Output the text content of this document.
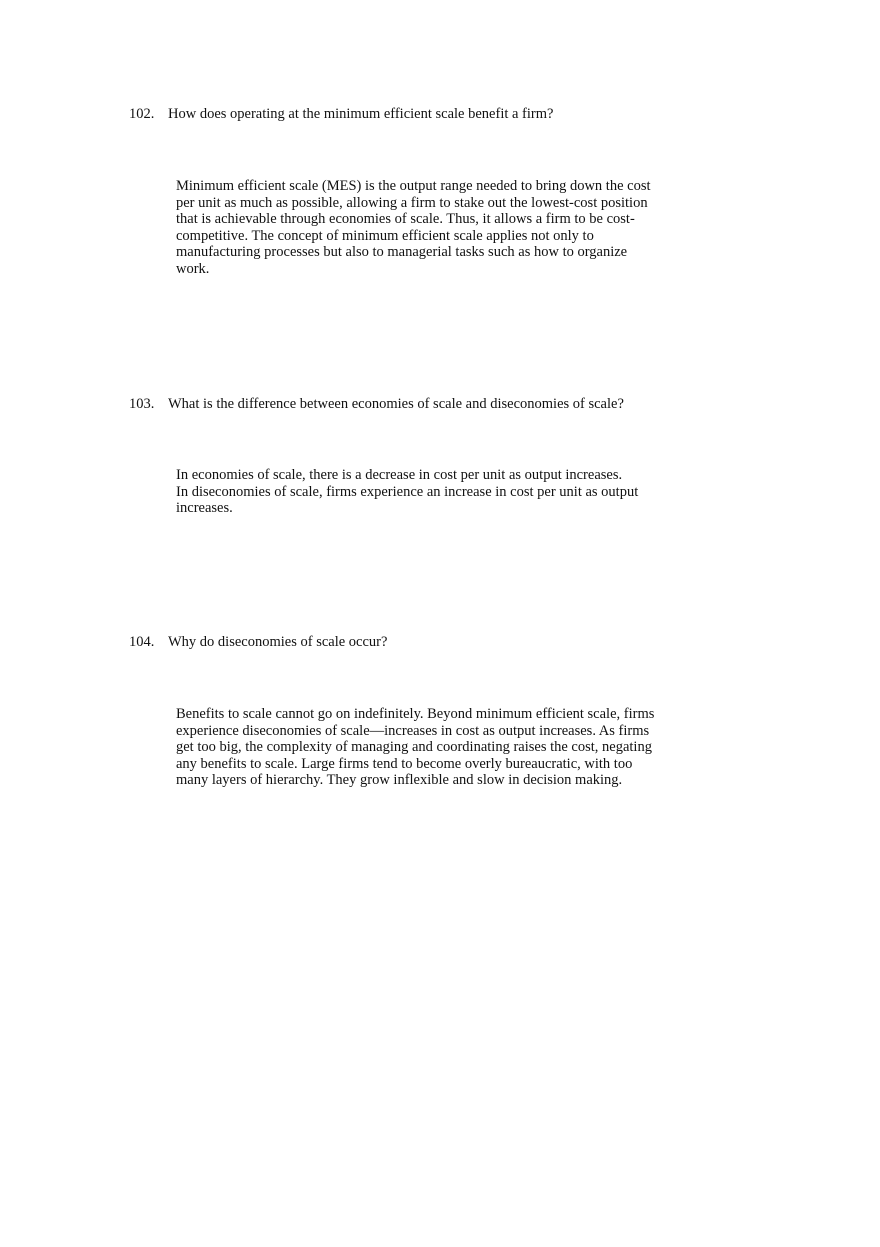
102. How does operating at the minimum efficient scale benefit a firm?
Minimum efficient scale (MES) is the output range needed to bring down the cost
per unit as much as possible, allowing a firm to stake out the lowest-cost position
that is achievable through economies of scale. Thus, it allows a firm to be cost-
competitive. The concept of minimum efficient scale applies not only to
manufacturing processes but also to managerial tasks such as how to organize
work.
103. What is the difference between economies of scale and diseconomies of scale?
In economies of scale, there is a decrease in cost per unit as output increases.
In diseconomies of scale, firms experience an increase in cost per unit as output
increases.
104. Why do diseconomies of scale occur?
Benefits to scale cannot go on indefinitely. Beyond minimum efficient scale, firms
experience diseconomies of scale—increases in cost as output increases. As firms
get too big, the complexity of managing and coordinating raises the cost, negating
any benefits to scale. Large firms tend to become overly bureaucratic, with too
many layers of hierarchy. They grow inflexible and slow in decision making.
